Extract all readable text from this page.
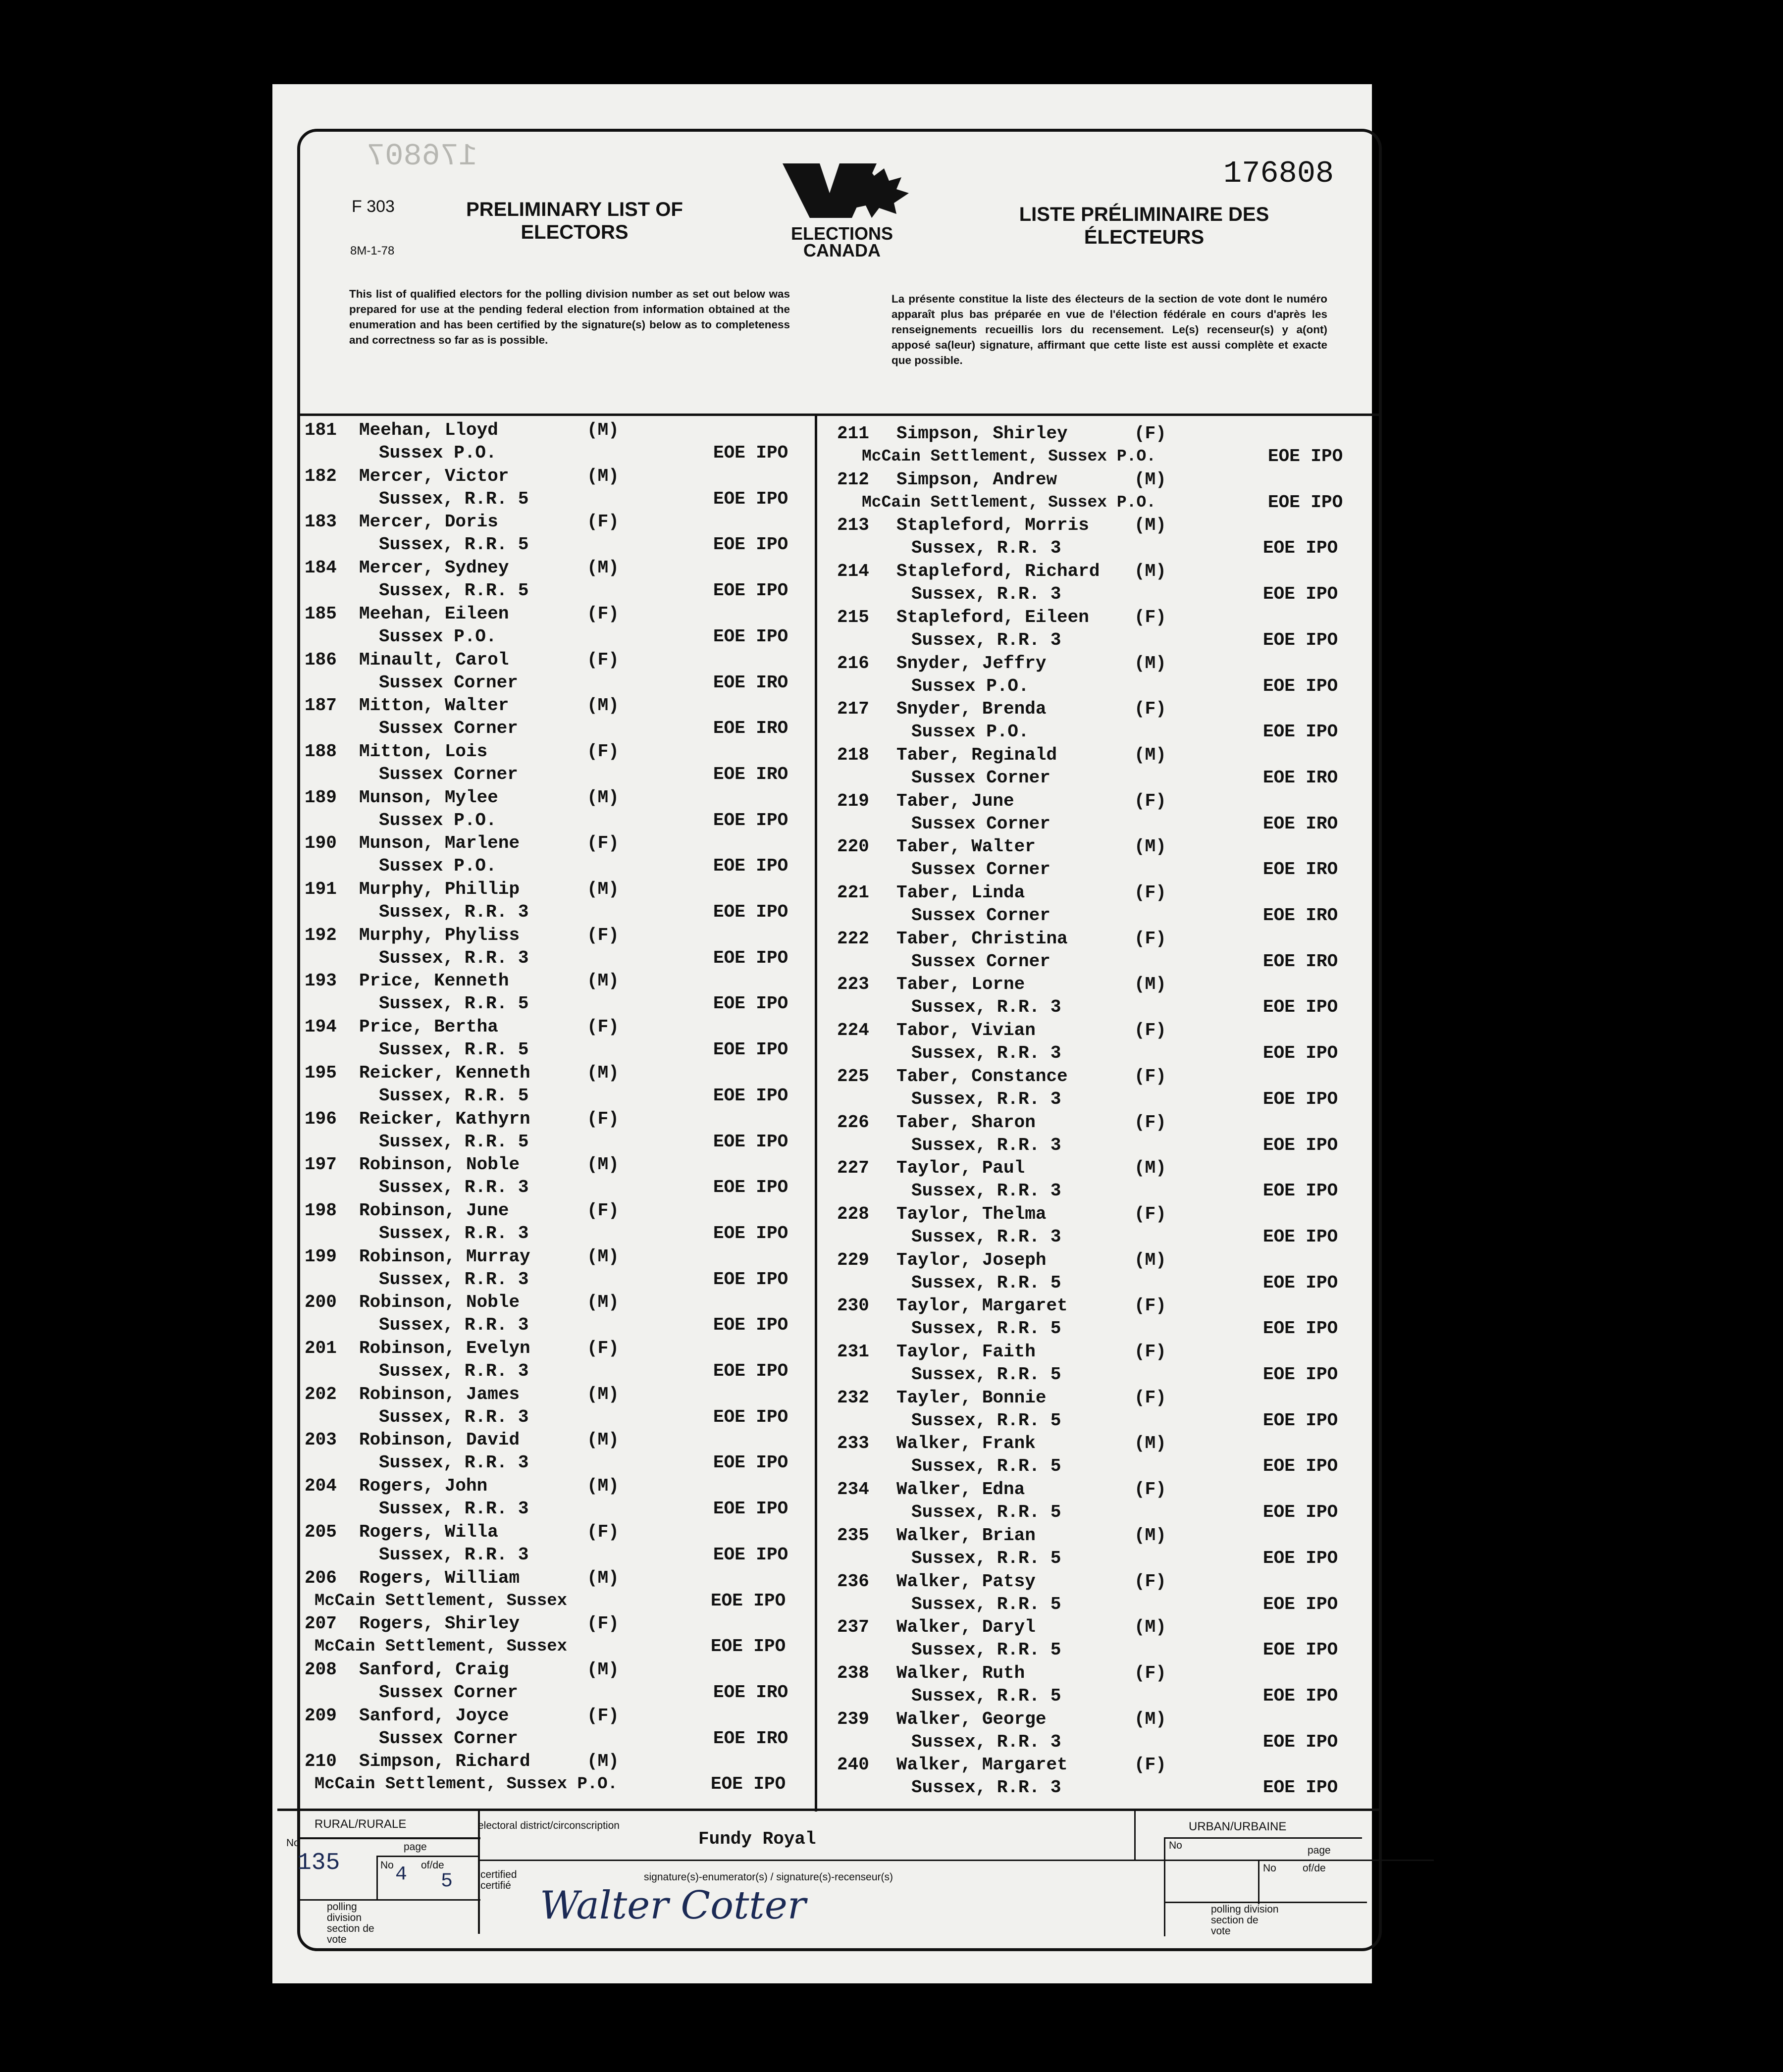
176807	176808
F 303
8M-1-78
PRELIMINARY LIST OF ELECTORS
LISTE PRÉLIMINAIRE DES ÉLECTEURS
ELECTIONS CANADA
This list of qualified electors for the polling division number as set out below was prepared for use at the pending federal election from information obtained at the enumeration and has been certified by the signature(s) below as to completeness and correctness so far as is possible.
La présente constitue la liste des électeurs de la section de vote dont le numéro apparaît plus bas préparée en vue de l'élection fédérale en cours d'après les renseignements recueillis lors du recensement. Le(s) recenseur(s) y a(ont) apposé sa(leur) signature, affirmant que cette liste est aussi complète et exacte que possible.
181 Meehan, Lloyd	(M)
Sussex P.O.	EOE IPO
182 Mercer, Victor	(M)
Sussex, R.R. 5	EOE IPO
183 Mercer, Doris	(F)
Sussex, R.R. 5	EOE IPO
184 Mercer, Sydney	(M)
Sussex, R.R. 5	EOE IPO
185 Meehan, Eileen	(F)
Sussex P.O.	EOE IPO
186 Minault, Carol	(F)
Sussex Corner	EOE IRO
187 Mitton, Walter	(M)
Sussex Corner	EOE IRO
188 Mitton, Lois	(F)
Sussex Corner	EOE IRO
189 Munson, Mylee	(M)
Sussex P.O.	EOE IPO
190 Munson, Marlene	(F)
Sussex P.O.	EOE IPO
191 Murphy, Phillip	(M)
Sussex, R.R. 3	EOE IPO
192 Murphy, Phyliss	(F)
Sussex, R.R. 3	EOE IPO
193 Price, Kenneth	(M)
Sussex, R.R. 5	EOE IPO
194 Price, Bertha	(F)
Sussex, R.R. 5	EOE IPO
195 Reicker, Kenneth	(M)
Sussex, R.R. 5	EOE IPO
196 Reicker, Kathyrn	(F)
Sussex, R.R. 5	EOE IPO
197 Robinson, Noble	(M)
Sussex, R.R. 3	EOE IPO
198 Robinson, June	(F)
Sussex, R.R. 3	EOE IPO
199 Robinson, Murray	(M)
Sussex, R.R. 3	EOE IPO
200 Robinson, Noble	(M)
Sussex, R.R. 3	EOE IPO
201 Robinson, Evelyn	(F)
Sussex, R.R. 3	EOE IPO
202 Robinson, James	(M)
Sussex, R.R. 3	EOE IPO
203 Robinson, David	(M)
Sussex, R.R. 3	EOE IPO
204 Rogers, John	(M)
Sussex, R.R. 3	EOE IPO
205 Rogers, Willa	(F)
Sussex, R.R. 3	EOE IPO
206 Rogers, William	(M)
McCain Settlement, Sussex	EOE IPO
207 Rogers, Shirley	(F)
McCain Settlement, Sussex	EOE IPO
208 Sanford, Craig	(M)
Sussex Corner	EOE IRO
209 Sanford, Joyce	(F)
Sussex Corner	EOE IRO
210 Simpson, Richard	(M)
McCain Settlement, Sussex P.O.	EOE IPO
211 Simpson, Shirley	(F)
McCain Settlement, Sussex P.O.	EOE IPO
212 Simpson, Andrew	(M)
McCain Settlement, Sussex P.O.	EOE IPO
213 Stapleford, Morris	(M)
Sussex, R.R. 3	EOE IPO
214 Stapleford, Richard (M)
Sussex, R.R. 3	EOE IPO
215 Stapleford, Eileen	(F)
Sussex, R.R. 3	EOE IPO
216 Snyder, Jeffry	(M)
Sussex P.O.	EOE IPO
217 Snyder, Brenda	(F)
Sussex P.O.	EOE IPO
218 Taber, Reginald	(M)
Sussex Corner	EOE IRO
219 Taber, June	(F)
Sussex Corner	EOE IRO
220 Taber, Walter	(M)
Sussex Corner	EOE IRO
221 Taber, Linda	(F)
Sussex Corner	EOE IRO
222 Taber, Christina	(F)
Sussex Corner	EOE IRO
223 Taber, Lorne	(M)
Sussex, R.R. 3	EOE IPO
224 Tabor, Vivian	(F)
Sussex, R.R. 3	EOE IPO
225 Taber, Constance	(F)
Sussex, R.R. 3	EOE IPO
226 Taber, Sharon	(F)
Sussex, R.R. 3	EOE IPO
227 Taylor, Paul	(M)
Sussex, R.R. 3	EOE IPO
228 Taylor, Thelma	(F)
Sussex, R.R. 3	EOE IPO
229 Taylor, Joseph	(M)
Sussex, R.R. 5	EOE IPO
230 Taylor, Margaret	(F)
Sussex, R.R. 5	EOE IPO
231 Taylor, Faith	(F)
Sussex, R.R. 5	EOE IPO
232 Tayler, Bonnie	(F)
Sussex, R.R. 5	EOE IPO
233 Walker, Frank	(M)
Sussex, R.R. 5	EOE IPO
234 Walker, Edna	(F)
Sussex, R.R. 5	EOE IPO
235 Walker, Brian	(M)
Sussex, R.R. 5	EOE IPO
236 Walker, Patsy	(F)
Sussex, R.R. 5	EOE IPO
237 Walker, Daryl	(M)
Sussex, R.R. 5	EOE IPO
238 Walker, Ruth	(F)
Sussex, R.R. 5	EOE IPO
239 Walker, George	(M)
Sussex, R.R. 3	EOE IPO
240 Walker, Margaret	(F)
Sussex, R.R. 3	EOE IPO
RURAL/RURALE
No
135
page
No 4 of/de
5
polling division section de vote
certified certifié
electoral district/circonscription
Fundy Royal
signature(s)-enumerator(s) / signature(s)-recenseur(s)
URBAN/URBAINE
No	page
No	of/de
polling division section de vote
Walter Cotter
